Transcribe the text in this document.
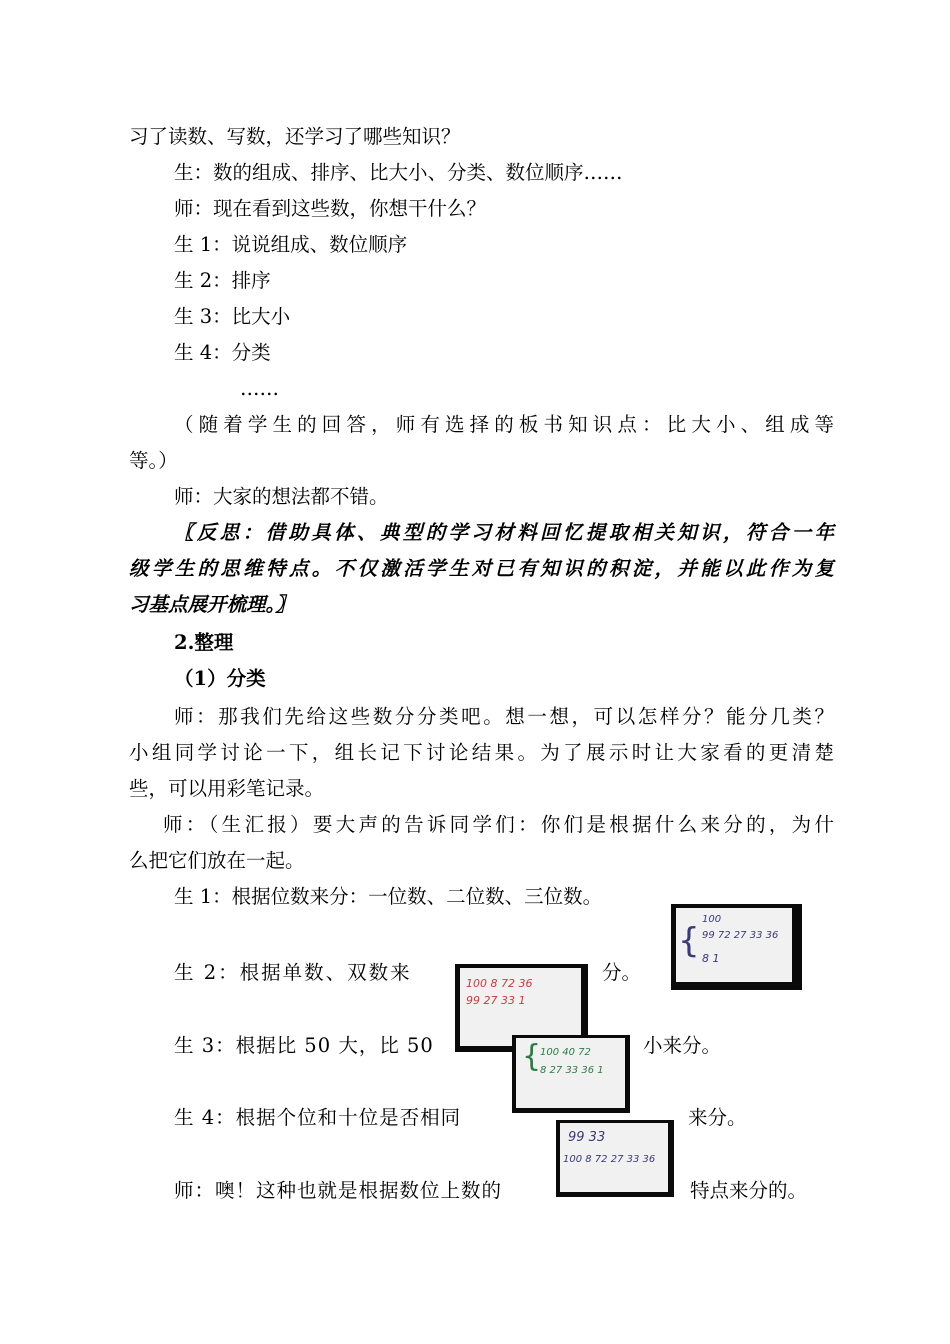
习了读数、写数，还学习了哪些知识？
生：数的组成、排序、比大小、分类、数位顺序……
师：现在看到这些数，你想干什么？
生 1：说说组成、数位顺序
生 2：排序
生 3：比大小
生 4：分类
……
（随着学生的回答，师有选择的板书知识点：比大小、组成等
等。）
师：大家的想法都不错。
〖反思：借助具体、典型的学习材料回忆提取相关知识，符合一年
级学生的思维特点。不仅激活学生对已有知识的积淀，并能以此作为复
习基点展开梳理。〗
2.整理
（1）分类
师：那我们先给这些数分分类吧。想一想，可以怎样分？能分几类？
小组同学讨论一下，组长记下讨论结果。为了展示时让大家看的更清楚
些，可以用彩笔记录。
师：（生汇报）要大声的告诉同学们：你们是根据什么来分的，为什
么把它们放在一起。
生 1：根据位数来分：一位数、二位数、三位数。
生 2：根据单数、双数来	分。
生 3：根据比 50 大，比 50	小来分。
生 4：根据个位和十位是否相同	来分。
师：噢！这种也就是根据数位上数的	特点来分的。
{
100
99 72 27 33 36
8 1
100 8 72 36
99 27 33 1
{
100 40 72
8 27 33 36 1
99 33
100 8 72 27 33 36
